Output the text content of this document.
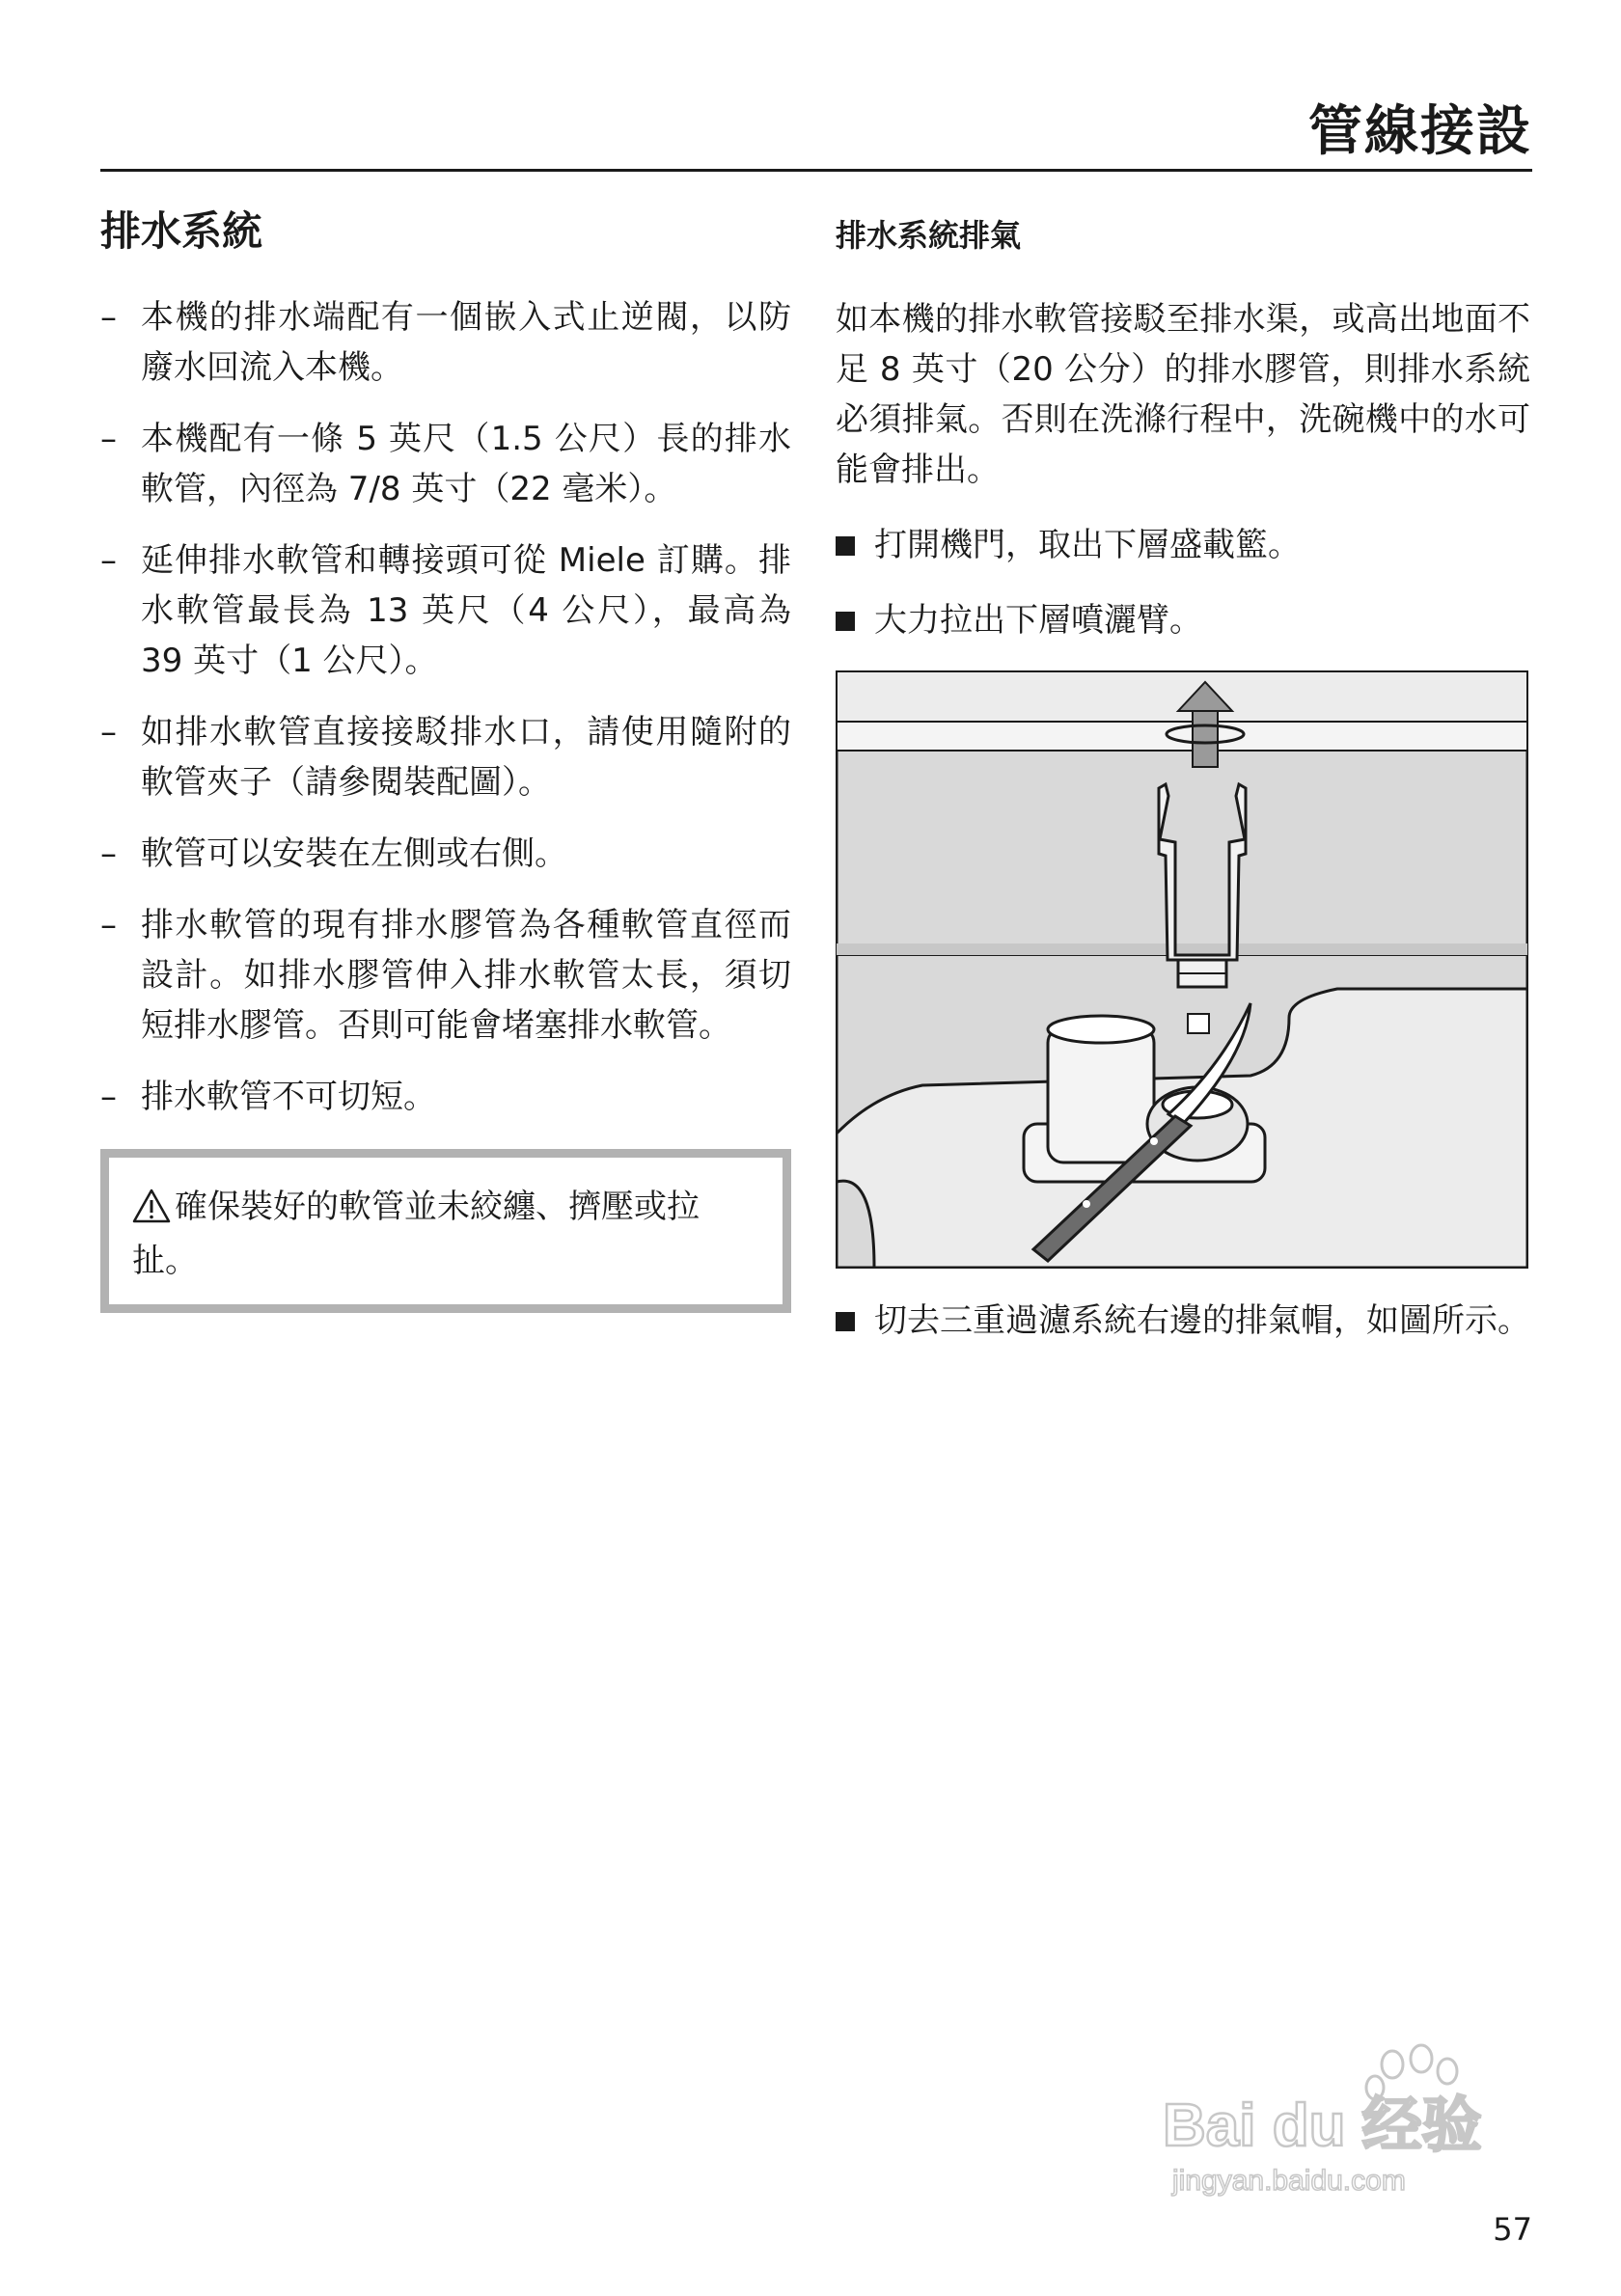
管線接設
排水系統
– 本機的排水端配有一個嵌入式止逆閥，以防廢水回流入本機。
– 本機配有一條 5 英尺（1.5 公尺）長的排水軟管，內徑為 7/8 英寸（22 毫米）。
– 延伸排水軟管和轉接頭可從 Miele 訂購。排水軟管最長為 13 英尺（4 公尺），最高為 39 英寸（1 公尺）。
– 如排水軟管直接接駁排水口，請使用隨附的軟管夾子（請參閱裝配圖）。
– 軟管可以安裝在左側或右側。
– 排水軟管的現有排水膠管為各種軟管直徑而設計。如排水膠管伸入排水軟管太長，須切短排水膠管。否則可能會堵塞排水軟管。
– 排水軟管不可切短。
確保裝好的軟管並未絞纏、擠壓或拉扯。
排水系統排氣

如本機的排水軟管接駁至排水渠，或高出地面不足 8 英寸（20 公分）的排水膠管，則排水系統必須排氣。否則在洗滌行程中，洗碗機中的水可能會排出。

打開機門，取出下層盛載籃。
大力拉出下層噴灑臂。
切去三重過濾系統右邊的排氣帽，如圖所示。
Bai du 经验
jingyan.baidu.com
57
